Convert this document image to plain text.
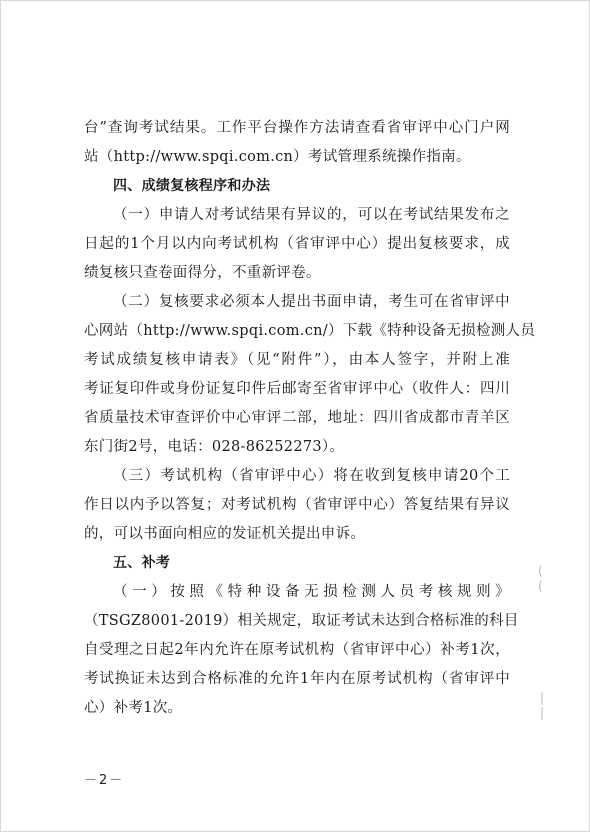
台”查询考试结果。工作平台操作方法请查看省审评中心门户网
站（http://www.spqi.com.cn）考试管理系统操作指南。
四、成绩复核程序和办法
（一）申请人对考试结果有异议的，可以在考试结果发布之
日起的1个月以内向考试机构（省审评中心）提出复核要求，成
绩复核只查卷面得分，不重新评卷。
（二）复核要求必须本人提出书面申请，考生可在省审评中
心网站（http://www.spqi.com.cn/）下载《特种设备无损检测人员
考试成绩复核申请表》（见“附件”），由本人签字，并附上准
考证复印件或身份证复印件后邮寄至省审评中心（收件人：四川
省质量技术审查评价中心审评二部，地址：四川省成都市青羊区
东门街2号，电话：028-86252273）。
（三）考试机构（省审评中心）将在收到复核申请20个工
作日以内予以答复；对考试机构（省审评中心）答复结果有异议
的，可以书面向相应的发证机关提出申诉。
五、补考
（一）按照《特种设备无损检测人员考核规则》
（TSGZ8001-2019）相关规定，取证考试未达到合格标准的科目
自受理之日起2年内允许在原考试机构（省审评中心）补考1次，
考试换证未达到合格标准的允许1年内在原考试机构（省审评中
心）补考1次。
(
(
|
|
－2－
